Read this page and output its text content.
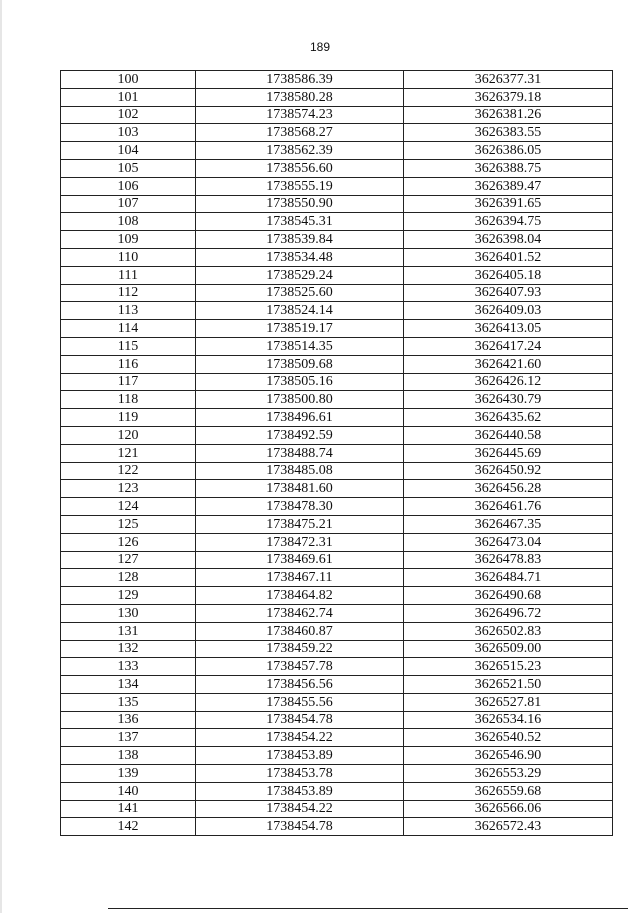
189
100	1738586.39	3626377.31
101	1738580.28	3626379.18
102	1738574.23	3626381.26
103	1738568.27	3626383.55
104	1738562.39	3626386.05
105	1738556.60	3626388.75
106	1738555.19	3626389.47
107	1738550.90	3626391.65
108	1738545.31	3626394.75
109	1738539.84	3626398.04
110	1738534.48	3626401.52
111	1738529.24	3626405.18
112	1738525.60	3626407.93
113	1738524.14	3626409.03
114	1738519.17	3626413.05
115	1738514.35	3626417.24
116	1738509.68	3626421.60
117	1738505.16	3626426.12
118	1738500.80	3626430.79
119	1738496.61	3626435.62
120	1738492.59	3626440.58
121	1738488.74	3626445.69
122	1738485.08	3626450.92
123	1738481.60	3626456.28
124	1738478.30	3626461.76
125	1738475.21	3626467.35
126	1738472.31	3626473.04
127	1738469.61	3626478.83
128	1738467.11	3626484.71
129	1738464.82	3626490.68
130	1738462.74	3626496.72
131	1738460.87	3626502.83
132	1738459.22	3626509.00
133	1738457.78	3626515.23
134	1738456.56	3626521.50
135	1738455.56	3626527.81
136	1738454.78	3626534.16
137	1738454.22	3626540.52
138	1738453.89	3626546.90
139	1738453.78	3626553.29
140	1738453.89	3626559.68
141	1738454.22	3626566.06
142	1738454.78	3626572.43
